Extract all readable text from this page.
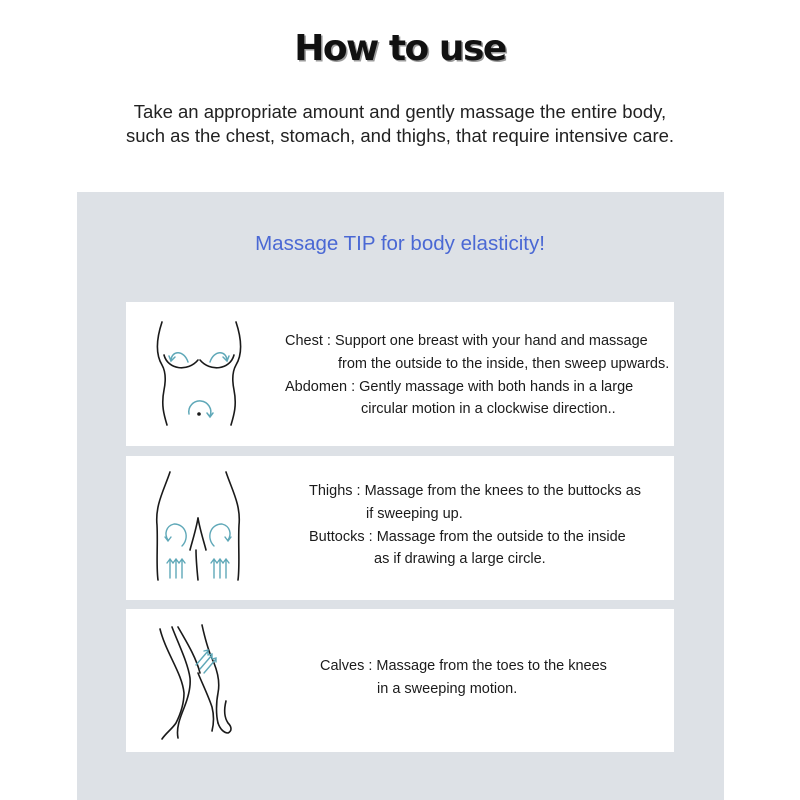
How to use
Take an appropriate amount and gently massage the entire body,
such as the chest, stomach, and thighs, that require intensive care.
Massage TIP for body elasticity!
Chest : Support one breast with your hand and massage
from the outside to the inside, then sweep upwards.
Abdomen : Gently massage with both hands in a large
circular motion in a clockwise direction..
Thighs : Massage from the knees to the buttocks as
if sweeping up.
Buttocks : Massage from the outside to the inside
as if drawing a large circle.
Calves : Massage from the toes to the knees
in a sweeping motion.
